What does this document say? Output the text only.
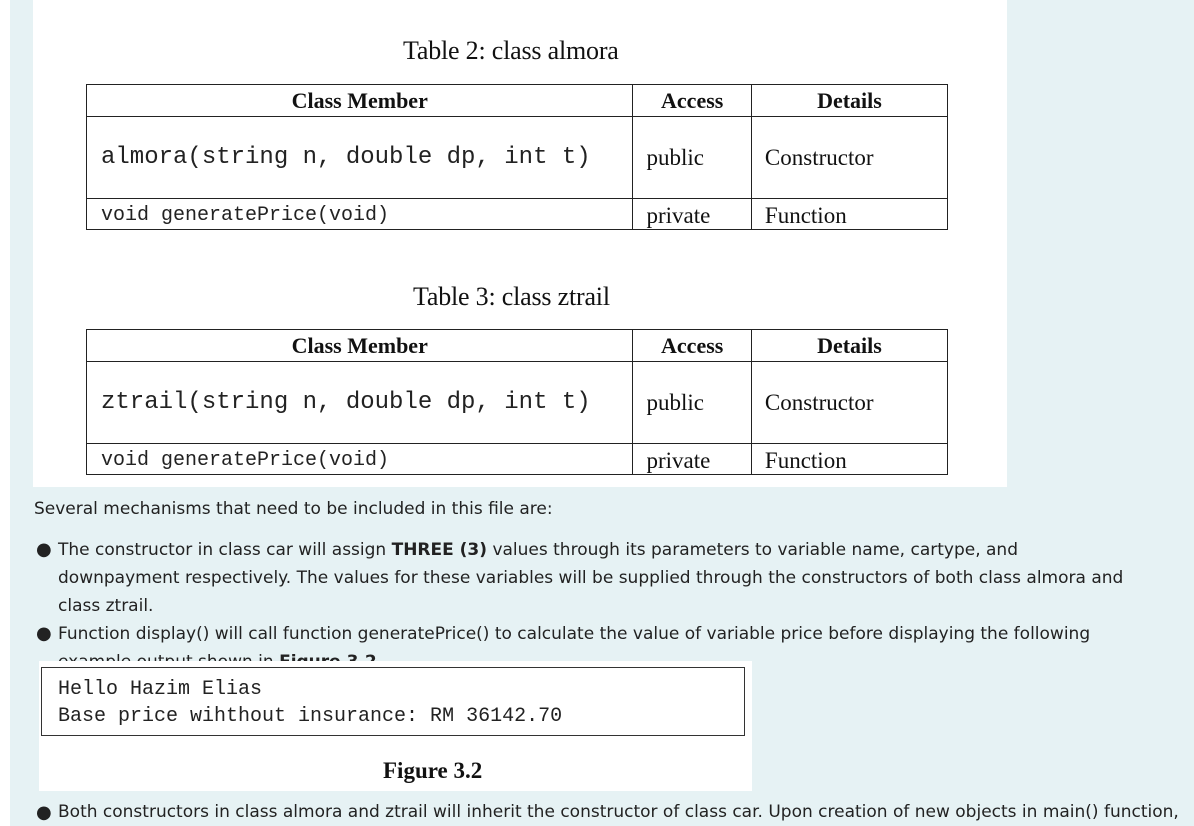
Table 2: class almora
Class Member	Access	Details
almora(string n, double dp, int t)	public	Constructor
void generatePrice(void)	private	Function
Table 3: class ztrail
Class Member	Access	Details
ztrail(string n, double dp, int t)	public	Constructor
void generatePrice(void)	private	Function
Several mechanisms that need to be included in this file are:
● The constructor in class car will assign THREE (3) values through its parameters to variable name, cartype, and downpayment respectively. The values for these variables will be supplied through the constructors of both class almora and class ztrail.
● Function display() will call function generatePrice() to calculate the value of variable price before displaying the following
Hello Hazim Elias
Base price wihthout insurance: RM 36142.70
Figure 3.2
● Both constructors in class almora and ztrail will inherit the constructor of class car. Upon creation of new objects in main() function,
